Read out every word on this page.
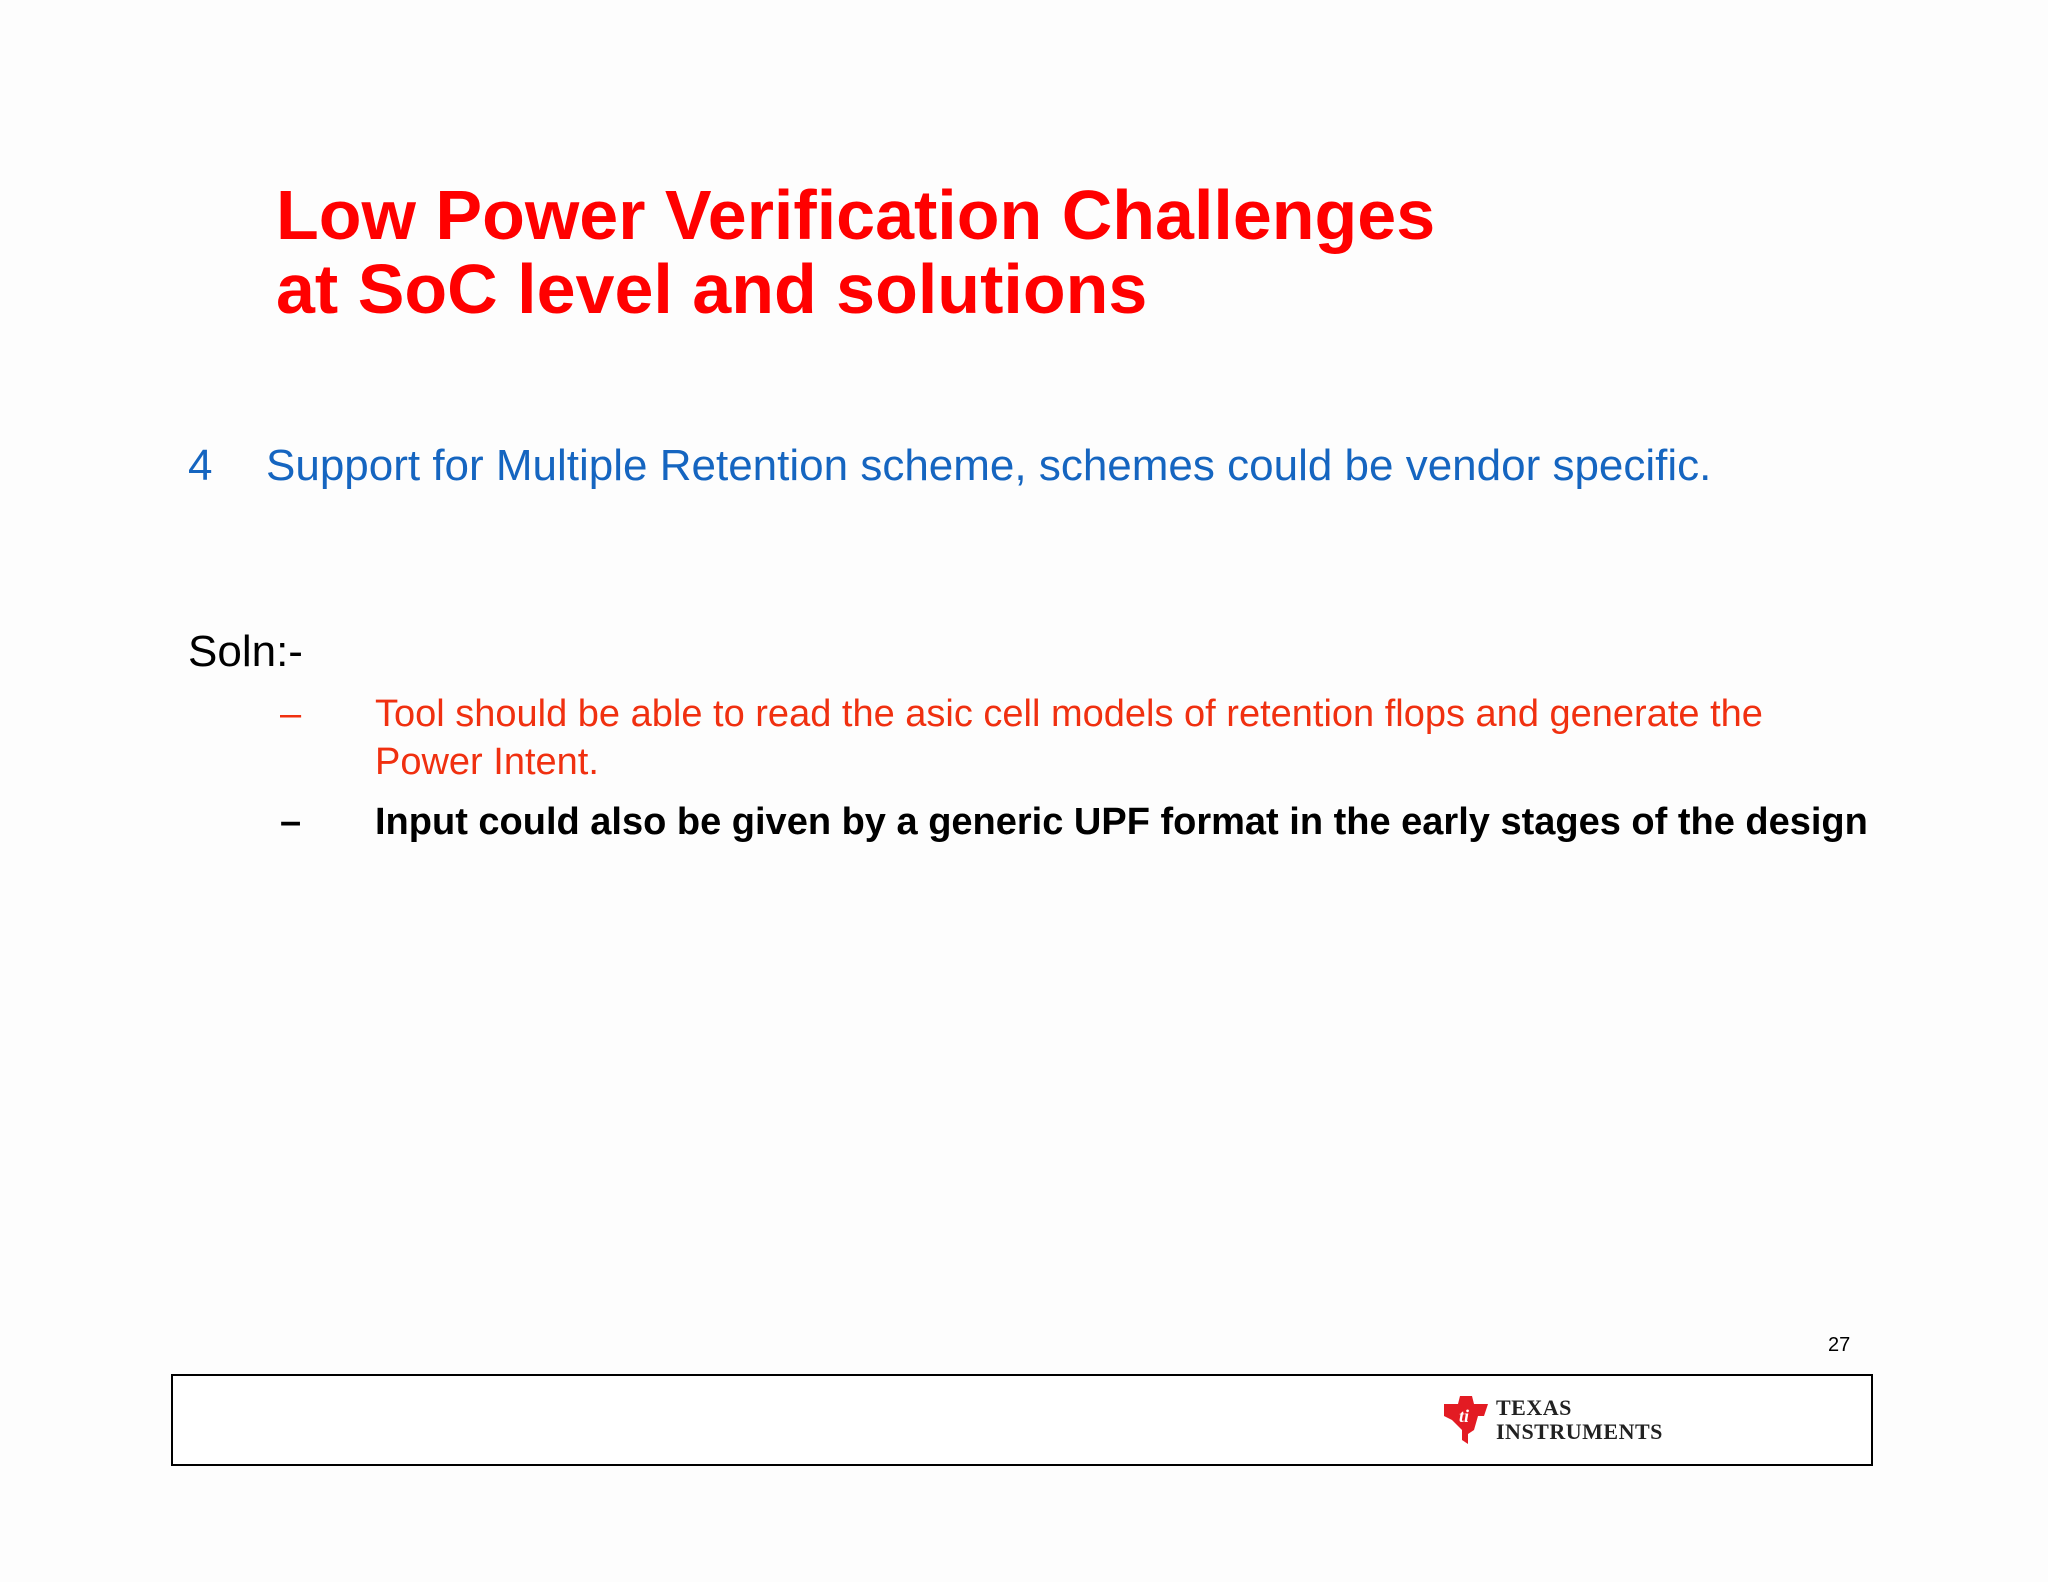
Low Power Verification Challenges
at SoC level and solutions
4 Support for Multiple Retention scheme, schemes could be vendor specific.
Soln:-
–	Tool should be able to read the asic cell models of retention flops and generate the Power Intent.
–	Input could also be given by a generic UPF format in the early stages of the design
27
ti TEXAS
INSTRUMENTS
